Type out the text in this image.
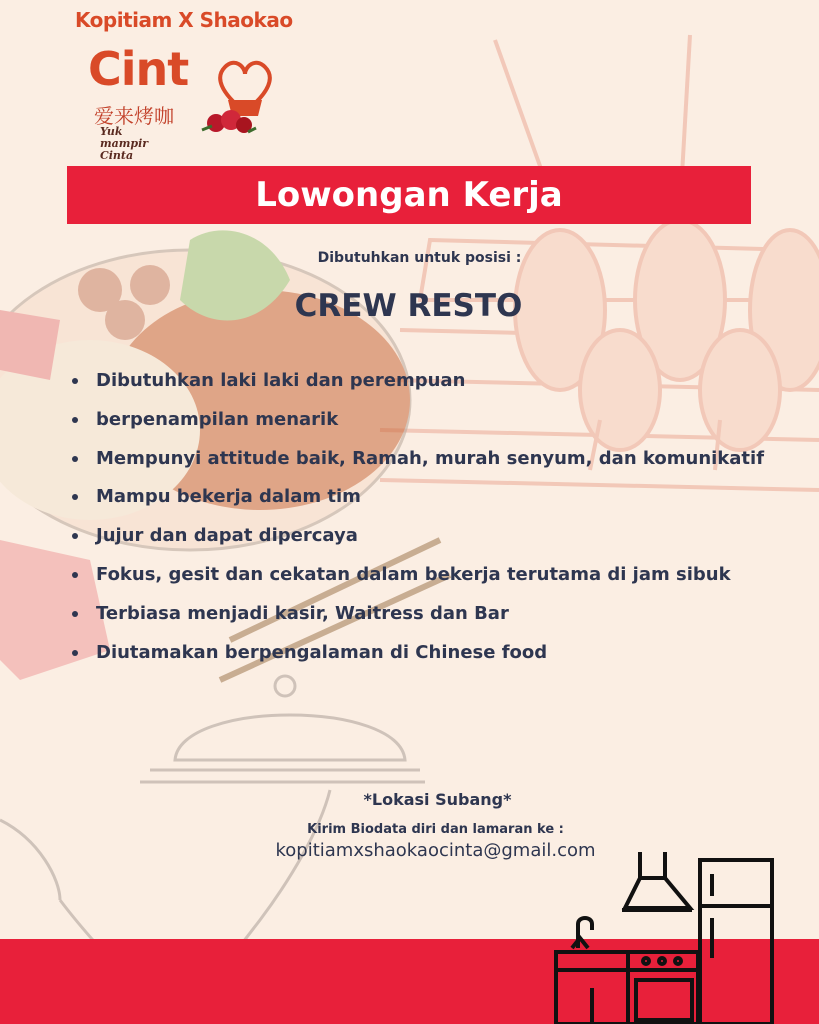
Kopitiam X Shaokao
Cint
爱来烤咖
Yuk mampir Cinta
Lowongan Kerja
Dibutuhkan untuk posisi :
CREW RESTO
Dibutuhkan laki laki dan perempuan
berpenampilan menarik
Mempunyi attitude baik, Ramah, murah senyum, dan komunikatif
Mampu bekerja dalam tim
Jujur dan dapat dipercaya
Fokus, gesit dan cekatan dalam bekerja terutama di jam sibuk
Terbiasa menjadi kasir, Waitress dan Bar
Diutamakan berpengalaman di Chinese food
*Lokasi Subang*
Kirim Biodata diri dan lamaran ke :
kopitiamxshaokaocinta@gmail.com
